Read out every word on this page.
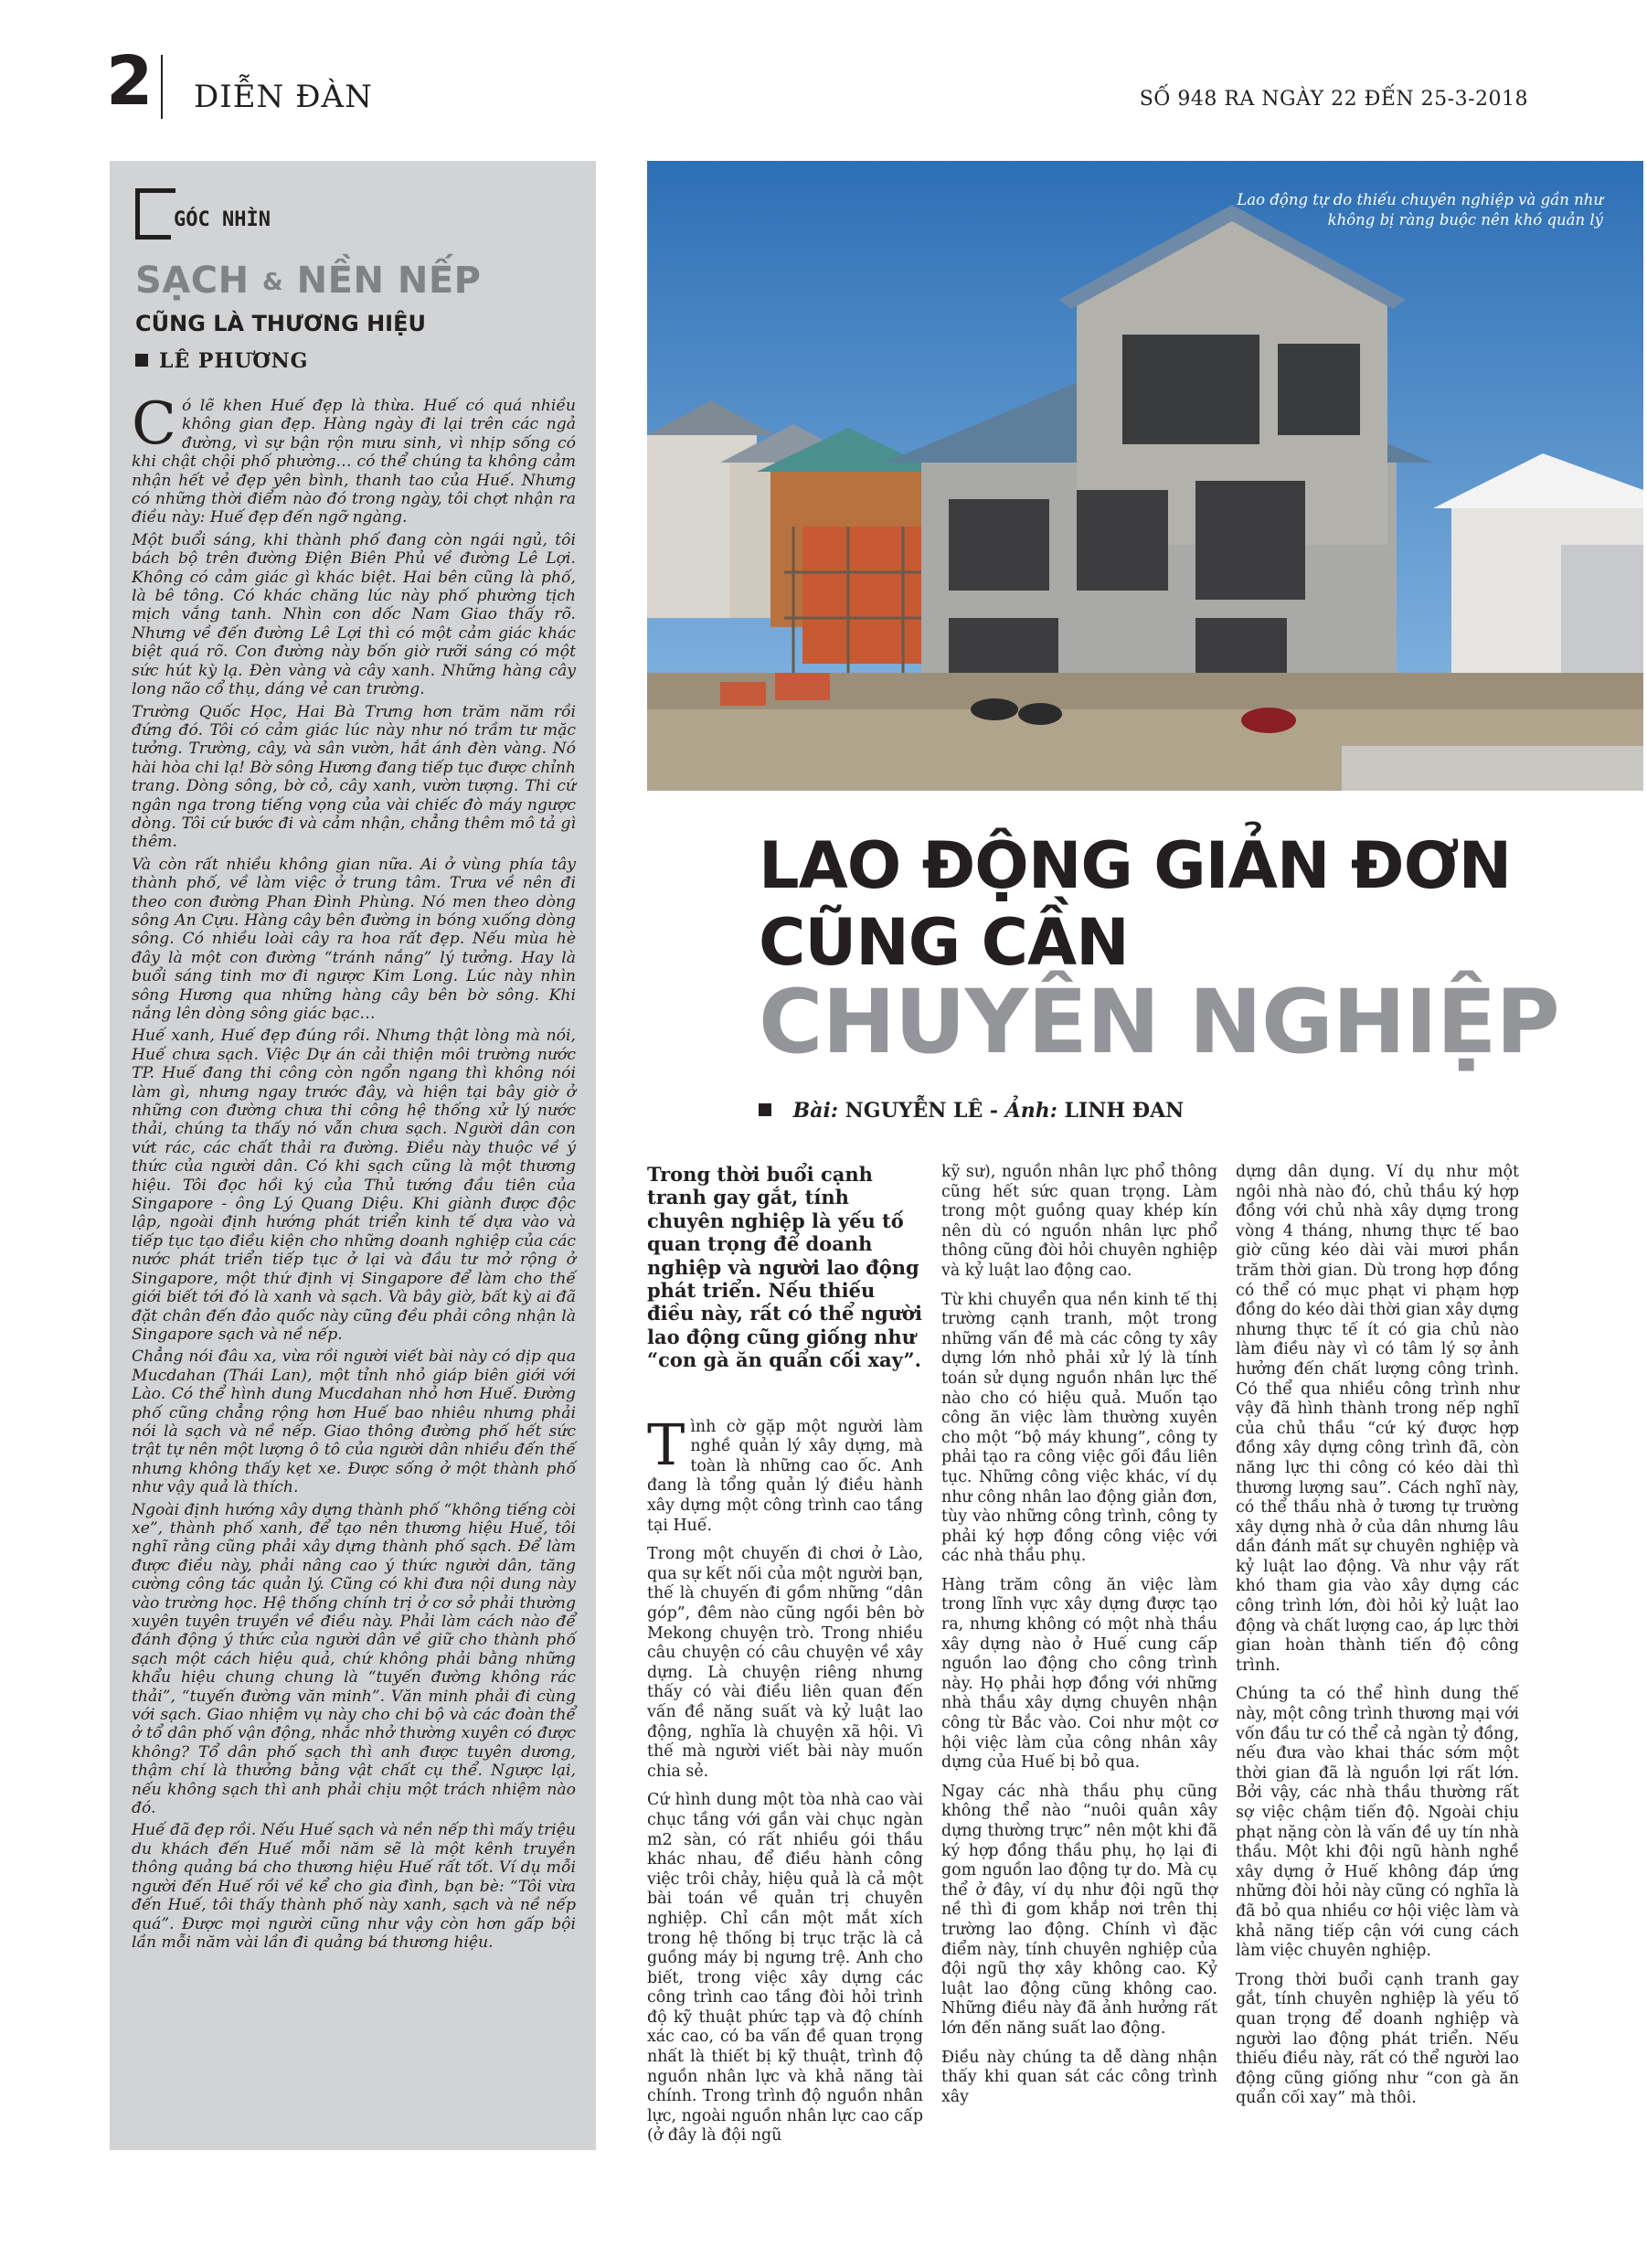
2 DIỄN ĐÀN	SỐ 948 RA NGÀY 22 ĐẾN 25-3-2018
GÓC NHÌN
SẠCH & NỀN NẾP
CŨNG LÀ THƯƠNG HIỆU
LÊ PHƯƠNG

Có lẽ khen Huế đẹp là thừa. Huế có quá nhiều không gian đẹp. Hàng ngày đi lại trên các ngả đường, vì sự bận rộn mưu sinh, vì nhịp sống có khi chật chội phố phường… có thể chúng ta không cảm nhận hết vẻ đẹp yên bình, thanh tao của Huế. Nhưng có những thời điểm nào đó trong ngày, tôi chợt nhận ra điều này: Huế đẹp đến ngỡ ngàng.

Một buổi sáng, khi thành phố đang còn ngái ngủ, tôi bách bộ trên đường Điện Biên Phủ về đường Lê Lợi. Không có cảm giác gì khác biệt. Hai bên cũng là phố, là bê tông. Có khác chăng lúc này phố phường tịch mịch vắng tanh. Nhìn con dốc Nam Giao thấy rõ. Nhưng về đến đường Lê Lợi thì có một cảm giác khác biệt quá rõ. Con đường này bốn giờ rưỡi sáng có một sức hút kỳ lạ. Đèn vàng và cây xanh. Những hàng cây long não cổ thụ, dáng vẻ can trường.

Trường Quốc Học, Hai Bà Trưng hơn trăm năm rồi đứng đó. Tôi có cảm giác lúc này như nó trầm tư mặc tưởng. Trường, cây, và sân vườn, hắt ánh đèn vàng. Nó hài hòa chi lạ! Bờ sông Hương đang tiếp tục được chỉnh trang. Dòng sông, bờ cỏ, cây xanh, vườn tượng. Thi cứ ngân nga trong tiếng vọng của vài chiếc đò máy ngược dòng. Tôi cứ bước đi và cảm nhận, chẳng thêm mô tả gì thêm.

Và còn rất nhiều không gian nữa. Ai ở vùng phía tây thành phố, về làm việc ở trung tâm. Trưa về nên đi theo con đường Phan Đình Phùng. Nó men theo dòng sông An Cựu. Hàng cây bên đường in bóng xuống dòng sông. Có nhiều loài cây ra hoa rất đẹp. Nếu mùa hè đây là một con đường “tránh nắng” lý tưởng. Hay là buổi sáng tinh mơ đi ngược Kim Long. Lúc này nhìn sông Hương qua những hàng cây bên bờ sông. Khi nắng lên dòng sông giác bạc…

Huế xanh, Huế đẹp đúng rồi. Nhưng thật lòng mà nói, Huế chưa sạch. Việc Dự án cải thiện môi trường nước TP. Huế đang thi công còn ngổn ngang thì không nói làm gì, nhưng ngay trước đây, và hiện tại bây giờ ở những con đường chưa thi công hệ thống xử lý nước thải, chúng ta thấy nó vẫn chưa sạch. Người dân con vứt rác, các chất thải ra đường. Điều này thuộc về ý thức của người dân. Có khi sạch cũng là một thương hiệu. Tôi đọc hồi ký của Thủ tướng đầu tiên của Singapore - ông Lý Quang Diệu. Khi giành được độc lập, ngoài định hướng phát triển kinh tế dựa vào và tiếp tục tạo điều kiện cho những doanh nghiệp của các nước phát triển tiếp tục ở lại và đầu tư mở rộng ở Singapore, một thứ định vị Singapore để làm cho thế giới biết tới đó là xanh và sạch. Và bây giờ, bất kỳ ai đã đặt chân đến đảo quốc này cũng đều phải công nhận là Singapore sạch và nề nếp.

Chẳng nói đâu xa, vừa rồi người viết bài này có dịp qua Mucdahan (Thái Lan), một tỉnh nhỏ giáp biên giới với Lào. Có thể hình dung Mucdahan nhỏ hơn Huế. Đường phố cũng chẳng rộng hơn Huế bao nhiêu nhưng phải nói là sạch và nề nếp. Giao thông đường phố hết sức trật tự nên một lượng ô tô của người dân nhiều đến thế nhưng không thấy kẹt xe. Được sống ở một thành phố như vậy quả là thích.

Ngoài định hướng xây dựng thành phố “không tiếng còi xe”, thành phố xanh, để tạo nên thương hiệu Huế, tôi nghĩ rằng cũng phải xây dựng thành phố sạch. Để làm được điều này, phải nâng cao ý thức người dân, tăng cường công tác quản lý. Cũng có khi đưa nội dung này vào trường học. Hệ thống chính trị ở cơ sở phải thường xuyên tuyên truyền về điều này. Phải làm cách nào để đánh động ý thức của người dân về giữ cho thành phố sạch một cách hiệu quả, chứ không phải bằng những khẩu hiệu chung chung là “tuyến đường không rác thải”, “tuyến đường văn minh”. Văn minh phải đi cùng với sạch. Giao nhiệm vụ này cho chi bộ và các đoàn thể ở tổ dân phố vận động, nhắc nhở thường xuyên có được không? Tổ dân phố sạch thì anh được tuyên dương, thậm chí là thưởng bằng vật chất cụ thể. Ngược lại, nếu không sạch thì anh phải chịu một trách nhiệm nào đó.

Huế đã đẹp rồi. Nếu Huế sạch và nền nếp thì mấy triệu du khách đến Huế mỗi năm sẽ là một kênh truyền thông quảng bá cho thương hiệu Huế rất tốt. Ví dụ mỗi người đến Huế rồi về kể cho gia đình, bạn bè: “Tôi vừa đến Huế, tôi thấy thành phố này xanh, sạch và nề nếp quá”. Được mọi người cũng như vậy còn hơn gấp bội lần mỗi năm vài lần đi quảng bá thương hiệu.

Lao động tự do thiếu chuyên nghiệp và gần như không bị ràng buộc nên khó quản lý
LAO ĐỘNG GIẢN ĐƠN
CŨNG CẦN
CHUYÊN NGHIỆP
Bài: NGUYỄN LÊ - Ảnh: LINH ĐAN

Trong thời buổi cạnh tranh gay gắt, tính chuyên nghiệp là yếu tố quan trọng để doanh nghiệp và người lao động phát triển. Nếu thiếu điều này, rất có thể người lao động cũng giống như “con gà ăn quẩn cối xay”.

Tình cờ gặp một người làm nghề quản lý xây dựng, mà toàn là những cao ốc. Anh đang là tổng quản lý điều hành xây dựng một công trình cao tầng tại Huế.

Trong một chuyến đi chơi ở Lào, qua sự kết nối của một người bạn, thế là chuyến đi gồm những “dân góp”, đêm nào cũng ngồi bên bờ Mekong chuyện trò. Trong nhiều câu chuyện có câu chuyện về xây dựng. Là chuyện riêng nhưng thấy có vài điều liên quan đến vấn đề năng suất và kỷ luật lao động, nghĩa là chuyện xã hội. Vì thế mà người viết bài này muốn chia sẻ.

Cứ hình dung một tòa nhà cao vài chục tầng với gần vài chục ngàn m2 sàn, có rất nhiều gói thầu khác nhau, để điều hành công việc trôi chảy, hiệu quả là cả một bài toán về quản trị chuyên nghiệp. Chỉ cần một mắt xích trong hệ thống bị trục trặc là cả guồng máy bị ngưng trệ. Anh cho biết, trong việc xây dựng các công trình cao tầng đòi hỏi trình độ kỹ thuật phức tạp và độ chính xác cao, có ba vấn đề quan trọng nhất là thiết bị kỹ thuật, trình độ nguồn nhân lực và khả năng tài chính. Trong trình độ nguồn nhân lực, ngoài nguồn nhân lực cao cấp (ở đây là đội ngũ

kỹ sư), nguồn nhân lực phổ thông cũng hết sức quan trọng. Làm trong một guồng quay khép kín nên dù có nguồn nhân lực phổ thông cũng đòi hỏi chuyên nghiệp và kỷ luật lao động cao.

Từ khi chuyển qua nền kinh tế thị trường cạnh tranh, một trong những vấn đề mà các công ty xây dựng lớn nhỏ phải xử lý là tính toán sử dụng nguồn nhân lực thế nào cho có hiệu quả. Muốn tạo công ăn việc làm thường xuyên cho một “bộ máy khung”, công ty phải tạo ra công việc gối đầu liên tục. Những công việc khác, ví dụ như công nhân lao động giản đơn, tùy vào những công trình, công ty phải ký hợp đồng công việc với các nhà thầu phụ.

Hàng trăm công ăn việc làm trong lĩnh vực xây dựng được tạo ra, nhưng không có một nhà thầu xây dựng nào ở Huế cung cấp nguồn lao động cho công trình này. Họ phải hợp đồng với những nhà thầu xây dựng chuyên nhận công từ Bắc vào. Coi như một cơ hội việc làm của công nhân xây dựng của Huế bị bỏ qua.

Ngay các nhà thầu phụ cũng không thể nào “nuôi quân xây dựng thường trực” nên một khi đã ký hợp đồng thầu phụ, họ lại đi gom nguồn lao động tự do. Mà cụ thể ở đây, ví dụ như đội ngũ thợ nề thì đi gom khắp nơi trên thị trường lao động. Chính vì đặc điểm này, tính chuyên nghiệp của đội ngũ thợ xây không cao. Kỷ luật lao động cũng không cao. Những điều này đã ảnh hưởng rất lớn đến năng suất lao động.

Điều này chúng ta dễ dàng nhận thấy khi quan sát các công trình xây

dựng dân dụng. Ví dụ như một ngôi nhà nào đó, chủ thầu ký hợp đồng với chủ nhà xây dựng trong vòng 4 tháng, nhưng thực tế bao giờ cũng kéo dài vài mươi phần trăm thời gian. Dù trong hợp đồng có thể có mục phạt vi phạm hợp đồng do kéo dài thời gian xây dựng nhưng thực tế ít có gia chủ nào làm điều này vì có tâm lý sợ ảnh hưởng đến chất lượng công trình. Có thể qua nhiều công trình như vậy đã hình thành trong nếp nghĩ của chủ thầu “cứ ký được hợp đồng xây dựng công trình đã, còn năng lực thi công có kéo dài thì thương lượng sau”. Cách nghĩ này, có thể thầu nhà ở tương tự trường xây dựng nhà ở của dân nhưng lâu dần đánh mất sự chuyên nghiệp và kỷ luật lao động. Và như vậy rất khó tham gia vào xây dựng các công trình lớn, đòi hỏi kỷ luật lao động và chất lượng cao, áp lực thời gian hoàn thành tiến độ công trình.

Chúng ta có thể hình dung thế này, một công trình thương mại với vốn đầu tư có thể cả ngàn tỷ đồng, nếu đưa vào khai thác sớm một thời gian đã là nguồn lợi rất lớn. Bởi vậy, các nhà thầu thường rất sợ việc chậm tiến độ. Ngoài chịu phạt nặng còn là vấn đề uy tín nhà thầu. Một khi đội ngũ hành nghề xây dựng ở Huế không đáp ứng những đòi hỏi này cũng có nghĩa là đã bỏ qua nhiều cơ hội việc làm và khả năng tiếp cận với cung cách làm việc chuyên nghiệp.

Trong thời buổi cạnh tranh gay gắt, tính chuyên nghiệp là yếu tố quan trọng để doanh nghiệp và người lao động phát triển. Nếu thiếu điều này, rất có thể người lao động cũng giống như “con gà ăn quẩn cối xay” mà thôi.
